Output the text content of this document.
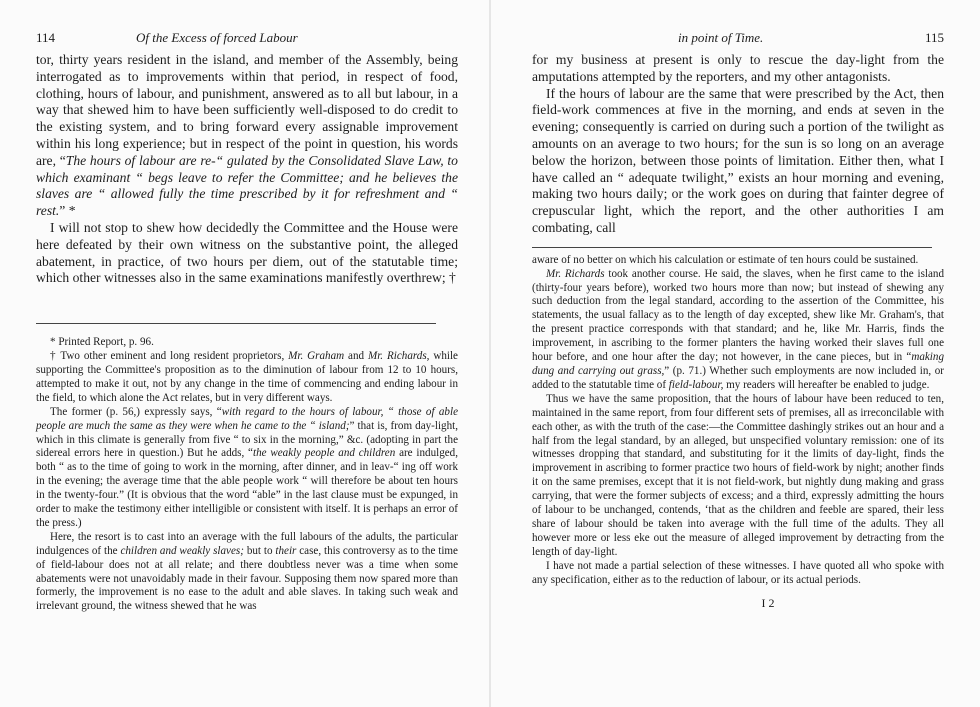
114	Of the Excess of forced Labour

tor, thirty years resident in the island, and member of the Assembly, being interrogated as to improvements within that period, in respect of food, clothing, hours of labour, and punishment, answered as to all but labour, in a way that shewed him to have been sufficiently well-disposed to do credit to the existing system, and to bring forward every assignable improvement within his long experience; but in respect of the point in question, his words are, “The hours of labour are re-“ gulated by the Consolidated Slave Law, to which examinant “ begs leave to refer the Committee; and he believes the slaves are “ allowed fully the time prescribed by it for refreshment and “ rest.” *

I will not stop to shew how decidedly the Committee and the House were here defeated by their own witness on the substantive point, the alleged abatement, in practice, of two hours per diem, out of the statutable time; which other witnesses also in the same examinations manifestly overthrew; †

* Printed Report, p. 96.

† Two other eminent and long resident proprietors, Mr. Graham and Mr. Richards, while supporting the Committee's proposition as to the diminution of labour from 12 to 10 hours, attempted to make it out, not by any change in the time of commencing and ending labour in the field, to which alone the Act relates, but in very different ways.

The former (p. 56,) expressly says, “with regard to the hours of labour, “ those of able people are much the same as they were when he came to the “ island;” that is, from day-light, which in this climate is generally from five “ to six in the morning,” &c. (adopting in part the sidereal errors here in question.) But he adds, “the weakly people and children are indulged, both “ as to the time of going to work in the morning, after dinner, and in leav-“ ing off work in the evening; the average time that the able people work “ will therefore be about ten hours in the twenty-four.” (It is obvious that the word “able” in the last clause must be expunged, in order to make the testimony either intelligible or consistent with itself. It is perhaps an error of the press.)

Here, the resort is to cast into an average with the full labours of the adults, the particular indulgences of the children and weakly slaves; but to their case, this controversy as to the time of field-labour does not at all relate; and there doubtless never was a time when some abatements were not unavoidably made in their favour. Supposing them now spared more than formerly, the improvement is no ease to the adult and able slaves. In taking such weak and irrelevant ground, the witness shewed that he was

in point of Time.	115

for my business at present is only to rescue the day-light from the amputations attempted by the reporters, and my other antagonists.

If the hours of labour are the same that were prescribed by the Act, then field-work commences at five in the morning, and ends at seven in the evening; consequently is carried on during such a portion of the twilight as amounts on an average to two hours; for the sun is so long on an average below the horizon, between those points of limitation. Either then, what I have called an “ adequate twilight,” exists an hour morning and evening, making two hours daily; or the work goes on during that fainter degree of crepuscular light, which the report, and the other authorities I am combating, call

aware of no better on which his calculation or estimate of ten hours could be sustained.

Mr. Richards took another course. He said, the slaves, when he first came to the island (thirty-four years before), worked two hours more than now; but instead of shewing any such deduction from the legal standard, according to the assertion of the Committee, his statements, the usual fallacy as to the length of day excepted, shew like Mr. Graham's, that the present practice corresponds with that standard; and he, like Mr. Harris, finds the improvement, in ascribing to the former planters the having worked their slaves full one hour before, and one hour after the day; not however, in the cane pieces, but in “making dung and carrying out grass,” (p. 71.) Whether such employments are now included in, or added to the statutable time of field-labour, my readers will hereafter be enabled to judge.

Thus we have the same proposition, that the hours of labour have been reduced to ten, maintained in the same report, from four different sets of premises, all as irreconcilable with each other, as with the truth of the case:—the Committee dashingly strikes out an hour and a half from the legal standard, by an alleged, but unspecified voluntary remission: one of its witnesses dropping that standard, and substituting for it the limits of day-light, finds the improvement in ascribing to former practice two hours of field-work by night; another finds it on the same premises, except that it is not field-work, but nightly dung making and grass carrying, that were the former subjects of excess; and a third, expressly admitting the hours of labour to be unchanged, contends, ‘that as the children and feeble are spared, their less share of labour should be taken into average with the full time of the adults. They all however more or less eke out the measure of alleged improvement by detracting from the length of day-light.

I have not made a partial selection of these witnesses. I have quoted all who spoke with any specification, either as to the reduction of labour, or its actual periods.

I 2
